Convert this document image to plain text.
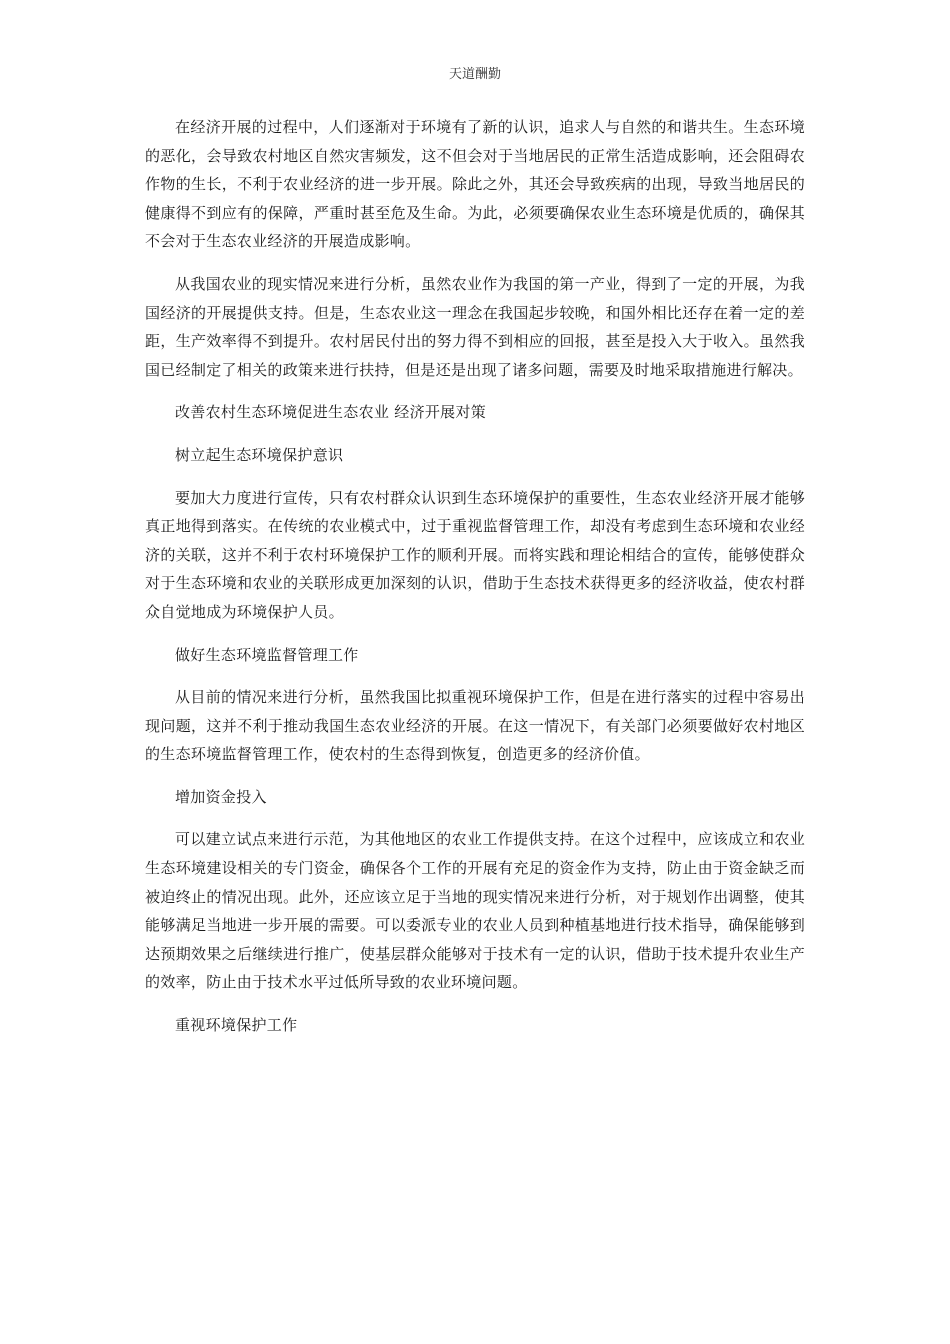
天道酬勤

在经济开展的过程中，人们逐渐对于环境有了新的认识，追求人与自然的和谐共生。生态环境的恶化，会导致农村地区自然灾害频发，这不但会对于当地居民的正常生活造成影响，还会阻碍农作物的生长，不利于农业经济的进一步开展。除此之外，其还会导致疾病的出现，导致当地居民的健康得不到应有的保障，严重时甚至危及生命。为此，必须要确保农业生态环境是优质的，确保其不会对于生态农业经济的开展造成影响。

从我国农业的现实情况来进行分析，虽然农业作为我国的第一产业，得到了一定的开展，为我国经济的开展提供支持。但是，生态农业这一理念在我国起步较晚，和国外相比还存在着一定的差距，生产效率得不到提升。农村居民付出的努力得不到相应的回报，甚至是投入大于收入。虽然我国已经制定了相关的政策来进行扶持，但是还是出现了诸多问题，需要及时地采取措施进行解决。

改善农村生态环境促进生态农业 经济开展对策

树立起生态环境保护意识

要加大力度进行宣传，只有农村群众认识到生态环境保护的重要性，生态农业经济开展才能够真正地得到落实。在传统的农业模式中，过于重视监督管理工作，却没有考虑到生态环境和农业经济的关联，这并不利于农村环境保护工作的顺利开展。而将实践和理论相结合的宣传，能够使群众对于生态环境和农业的关联形成更加深刻的认识，借助于生态技术获得更多的经济收益，使农村群众自觉地成为环境保护人员。

做好生态环境监督管理工作

从目前的情况来进行分析，虽然我国比拟重视环境保护工作，但是在进行落实的过程中容易出现问题，这并不利于推动我国生态农业经济的开展。在这一情况下，有关部门必须要做好农村地区的生态环境监督管理工作，使农村的生态得到恢复，创造更多的经济价值。

增加资金投入

可以建立试点来进行示范，为其他地区的农业工作提供支持。在这个过程中，应该成立和农业生态环境建设相关的专门资金，确保各个工作的开展有充足的资金作为支持，防止由于资金缺乏而被迫终止的情况出现。此外，还应该立足于当地的现实情况来进行分析，对于规划作出调整，使其能够满足当地进一步开展的需要。可以委派专业的农业人员到种植基地进行技术指导，确保能够到达预期效果之后继续进行推广，使基层群众能够对于技术有一定的认识，借助于技术提升农业生产的效率，防止由于技术水平过低所导致的农业环境问题。

重视环境保护工作
